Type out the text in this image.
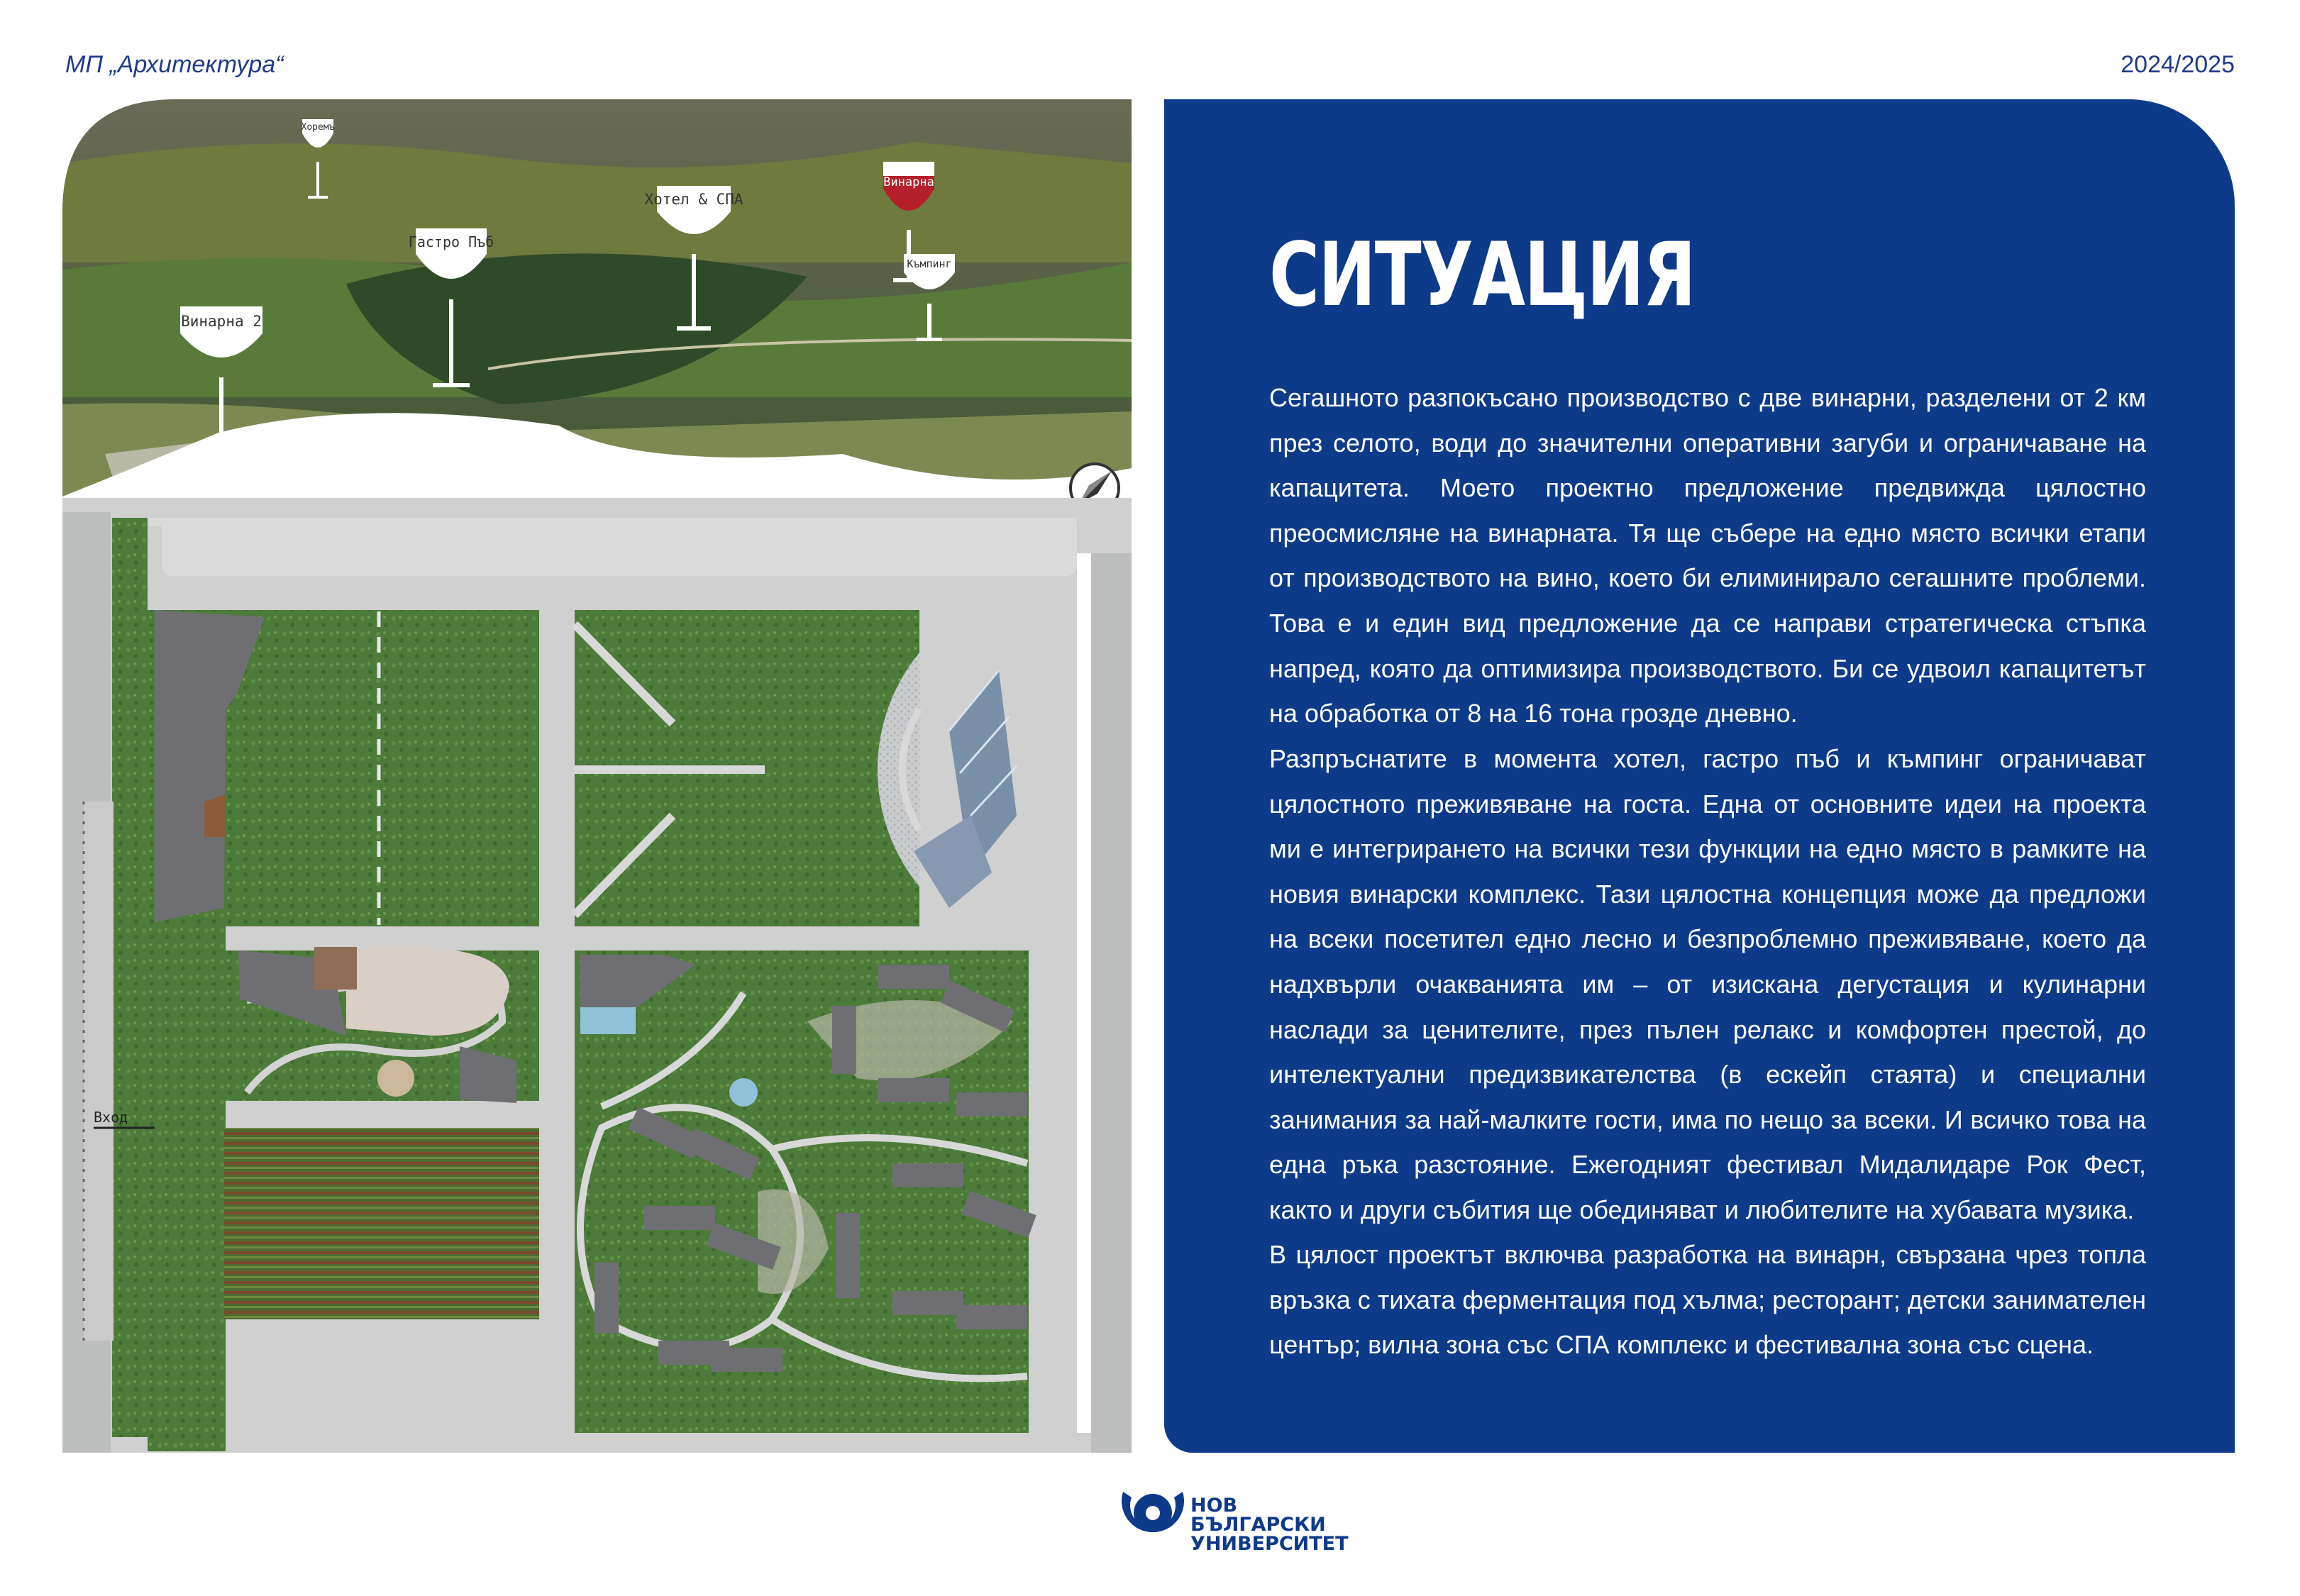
МП „Архитектура“	2024/2025
Хоремъ
Хотел & СПА
Винарна
Гастро Пъб
Къмпинг
Винарна 2
Вход
СИТУАЦИЯ

Сегашното разпокъсано производство с две винарни, разделени от 2 км през селото, води до значителни оперативни загуби и ограничаване на капацитета. Моето проектно предложение предвижда цялостно преосмисляне на винарната. Тя ще събере на едно място всички етапи от производството на вино, което би елиминирало сегашните проблеми. Това е и един вид предложение да се направи стратегическа стъпка напред, която да оптимизира производството. Би се удвоил капацитетът на обработка от 8 на 16 тона грозде дневно.

Разпръснатите в момента хотел, гастро пъб и къмпинг ограничават цялостното преживяване на госта. Една от основните идеи на проекта ми е интегрирането на всички тези функции на едно място в рамките на новия винарски комплекс. Тази цялостна концепция може да предложи на всеки посетител едно лесно и безпроблемно преживяване, което да надхвърли очакванията им – от изискана дегустация и кулинарни наслади за ценителите, през пълен релакс и комфортен престой, до интелектуални предизвикателства (в ескейп стаята) и специални занимания за най-малките гости, има по нещо за всеки. И всичко това на една ръка разстояние. Ежегодният фестивал Мидалидаре Рок Фест, както и други събития ще обединяват и любителите на хубавата музика.

В цялост проектът включва разработка на винарн, свързана чрез топла връзка с тихата ферментация под хълма; ресторант; детски занимателен център; вилна зона със СПА комплекс и фестивална зона със сцена.

НОВ
БЪЛГАРСКИ
УНИВЕРСИТЕТ
